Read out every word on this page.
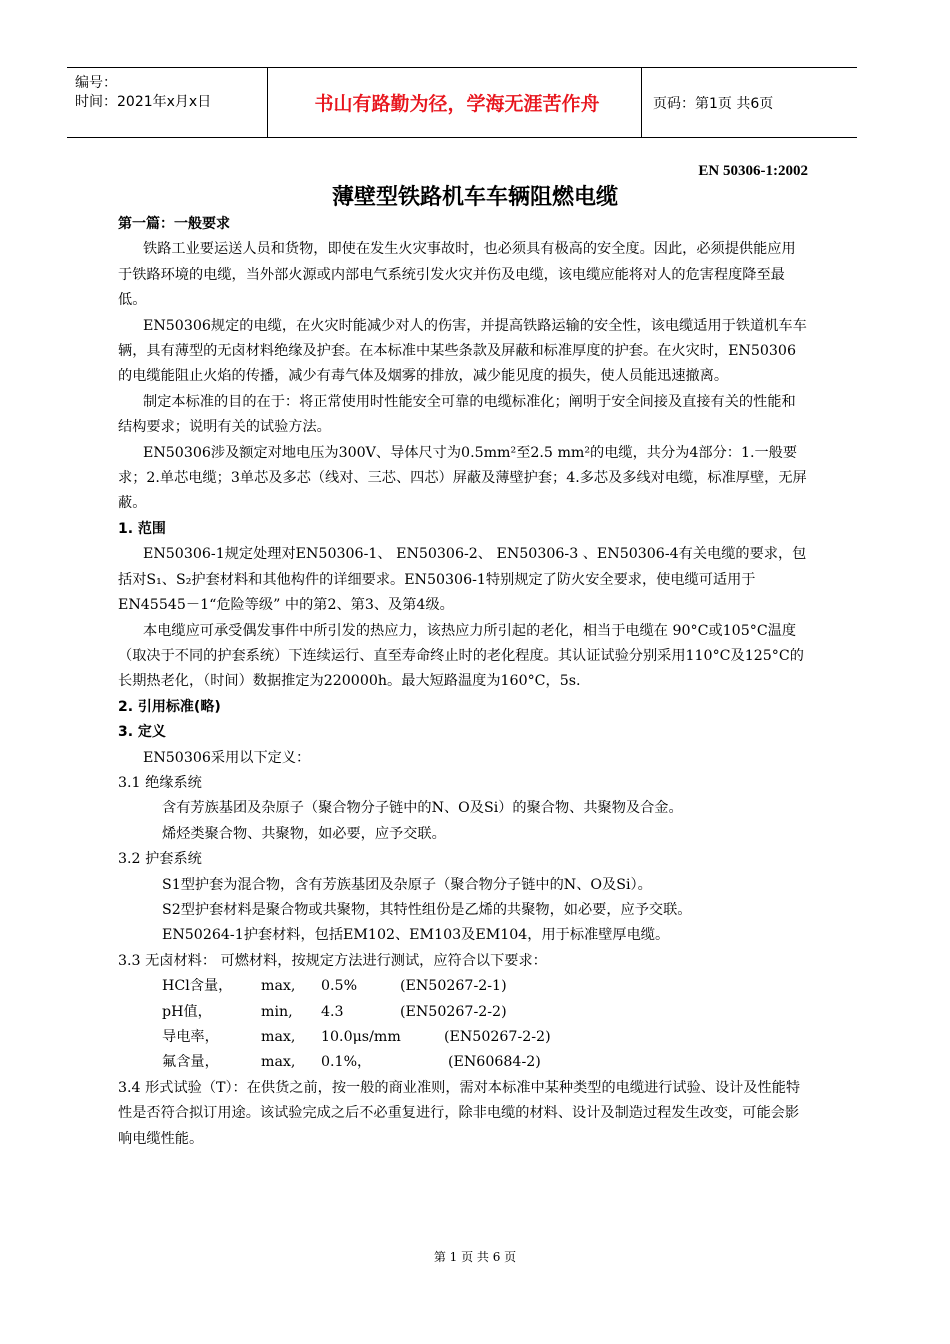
编号：
时间：2021年x月x日	书山有路勤为径，学海无涯苦作舟	页码：第1页 共6页
EN 50306-1:2002
薄壁型铁路机车车辆阻燃电缆

第一篇：一般要求

铁路工业要运送人员和货物，即使在发生火灾事故时，也必须具有极高的安全度。因此，必须提供能应用于铁路环境的电缆，当外部火源或内部电气系统引发火灾并伤及电缆，该电缆应能将对人的危害程度降至最低。

EN50306规定的电缆，在火灾时能减少对人的伤害，并提高铁路运输的安全性，该电缆适用于铁道机车车辆，具有薄型的无卤材料绝缘及护套。在本标准中某些条款及屏蔽和标准厚度的护套。在火灾时，EN50306的电缆能阻止火焰的传播，减少有毒气体及烟雾的排放，减少能见度的损失，使人员能迅速撤离。

制定本标准的目的在于：将正常使用时性能安全可靠的电缆标准化；阐明于安全间接及直接有关的性能和结构要求；说明有关的试验方法。

EN50306涉及额定对地电压为300V、导体尺寸为0.5mm²至2.5 mm²的电缆，共分为4部分：1.一般要求；2.单芯电缆；3单芯及多芯（线对、三芯、四芯）屏蔽及薄壁护套；4.多芯及多线对电缆，标准厚壁，无屏蔽。

1. 范围

EN50306-1规定处理对EN50306-1、 EN50306-2、 EN50306-3 、EN50306-4有关电缆的要求，包括对S₁、S₂护套材料和其他构件的详细要求。EN50306-1特别规定了防火安全要求，使电缆可适用于EN45545－1“危险等级” 中的第2、第3、及第4级。

本电缆应可承受偶发事件中所引发的热应力，该热应力所引起的老化，相当于电缆在 90°C或105°C温度（取决于不同的护套系统）下连续运行、直至寿命终止时的老化程度。其认证试验分别采用110°C及125°C的长期热老化，（时间）数据推定为220000h。最大短路温度为160°C，5s.

2. 引用标准(略)

3. 定义

EN50306采用以下定义：

3.1 绝缘系统

含有芳族基团及杂原子（聚合物分子链中的N、O及Si）的聚合物、共聚物及合金。

烯烃类聚合物、共聚物，如必要，应予交联。

3.2 护套系统

S1型护套为混合物，含有芳族基团及杂原子（聚合物分子链中的N、O及Si）。

S2型护套材料是聚合物或共聚物，其特性组份是乙烯的共聚物，如必要，应予交联。

EN50264-1护套材料，包括EM102、EM103及EM104，用于标准壁厚电缆。

3.3 无卤材料： 可燃材料，按规定方法进行测试，应符合以下要求：

HCl含量，	max,	0.5%	(EN50267-2-1)
pH值，	min,	4.3	(EN50267-2-2)
导电率，	max,	10.0μs/mm	(EN50267-2-2)
氟含量，	max,	0.1%，	(EN60684-2)

3.4 形式试验（T）：在供货之前，按一般的商业准则，需对本标准中某种类型的电缆进行试验、设计及性能特性是否符合拟订用途。该试验完成之后不必重复进行，除非电缆的材料、设计及制造过程发生改变，可能会影响电缆性能。

第 1 页 共 6 页
